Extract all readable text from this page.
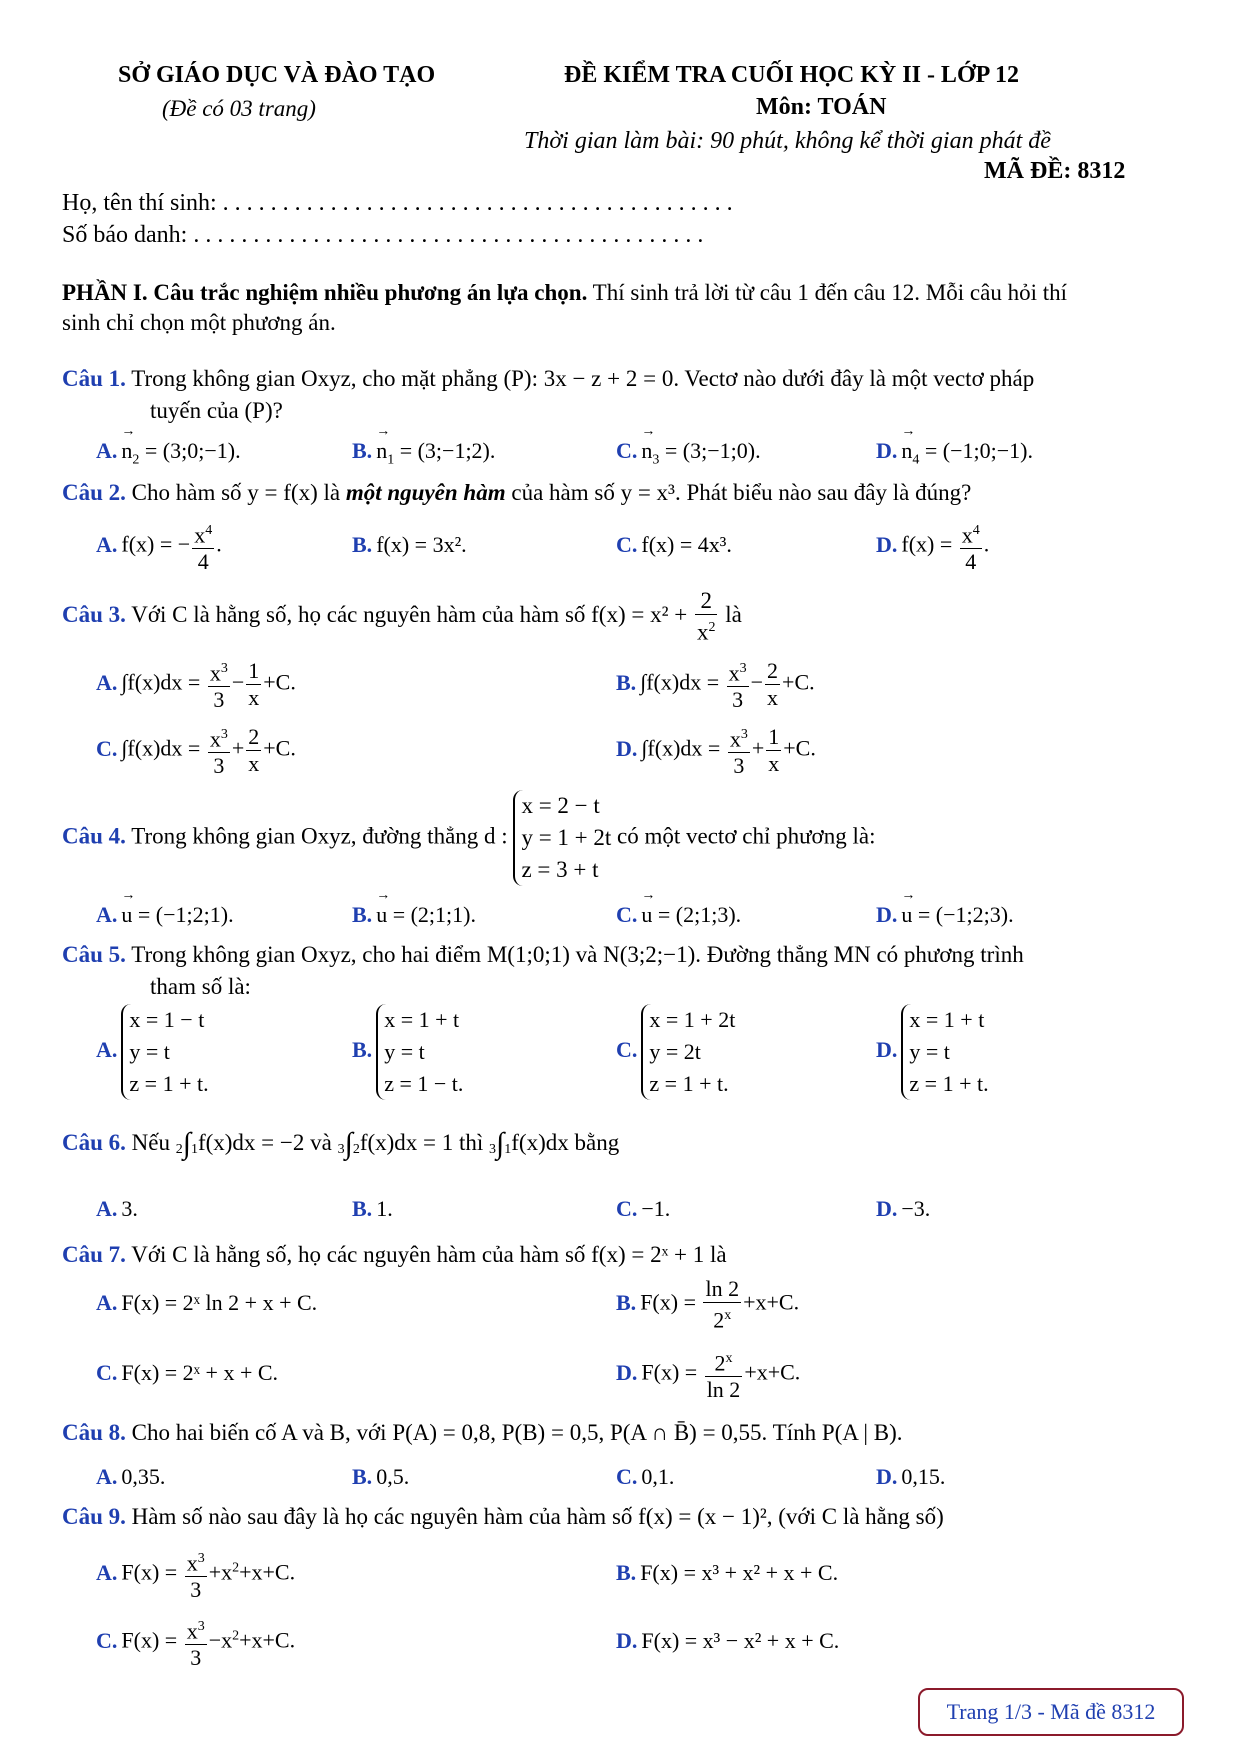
SỞ GIÁO DỤC VÀ ĐÀO TẠO
(Đề có 03 trang)
ĐỀ KIỂM TRA CUỐI HỌC KỲ II - LỚP 12
Môn: TOÁN
Thời gian làm bài: 90 phút, không kể thời gian phát đề
MÃ ĐỀ: 8312
Họ, tên thí sinh: . . . . . . . . . . . . . . . . . . . . . . . . . . . . . . . . . . . . . . . . . . .
Số báo danh: . . . . . . . . . . . . . . . . . . . . . . . . . . . . . . . . . . . . . . . . . . .
PHẦN I. Câu trắc nghiệm nhiều phương án lựa chọn. Thí sinh trả lời từ câu 1 đến câu 12. Mỗi câu hỏi thí
sinh chỉ chọn một phương án.
Câu 1. Trong không gian Oxyz, cho mặt phẳng (P): 3x − z + 2 = 0. Vectơ nào dưới đây là một vectơ pháp
tuyến của (P)?
$A.\to n_2$ = (3;0;−1).	$B.\to n_1$ = (3;−1;2).	$C.\to n_3$ = (3;−1;0).	$D.\to n_4$ = (−1;0;−1).
Câu 2. Cho hàm số y = f(x) là một nguyên hàm của hàm số y = x³. Phát biểu nào sau đây là đúng?
A. f(x) = − $\frac{x^4}{4}$ .	B. f(x) = 3x².	C. f(x) = 4x³.	D. $f(x) = \frac{x^4}{4}$ .
Câu 3. Với C là hằng số, họ các nguyên hàm của hàm số $f(x) = x^2 + \frac{2}{x^2}$ là
A. $\int f(x)dx = \frac{x^3}{3} - \frac{1}{x} +C$.	B. $\int f(x)dx = \frac{x^3}{3} - \frac{2}{x} +C$.
C. $\int f(x)dx = \frac{x^3}{3} + \frac{2}{x} +C$.	D. $\int f(x)dx = \frac{x^3}{3} + \frac{1}{x} +C$.
Câu 4. Trong không gian Oxyz, đường thẳng d :
x = 2 − t
y = 1 + 2t
z = 3 + t
có một vectơ chỉ phương là:
A.→ u = (−1;2;1).	B.→ u = (2;1;1).	C.→ u = (2;1;3).	D.→ u = (−1;2;3).
Câu 5. Trong không gian Oxyz, cho hai điểm M(1;0;1) và N(3;2;−1). Đường thẳng MN có phương trình
tham số là:
A.
x = 1 − t
y = t
z = 1 + t.
B.
x = 1 + t
y = t
z = 1 − t.
C.
x = 1 + 2t
y = 2t
z = 1 + t.
D.
x = 1 + t
y = t
z = 1 + t.
Câu 6. Nếu 2∫1f(x)dx = −2 và 3∫2f(x)dx = 1 thì 3∫1f(x)dx bằng
A. 3.	B. 1.	C. −1.	D. −3.
Câu 7. Với C là hằng số, họ các nguyên hàm của hàm số f(x) = 2ˣ + 1 là
A. F(x) = 2ˣ ln 2 + x + C.	B. $F(x) = \frac{\ln 2}{2^x} +x+C$.
C. F(x) = 2ˣ + x + C.	D. $F(x) = \frac{2^x}{\ln 2} +x+C$.
Câu 8. Cho hai biến cố A và B, với P(A) = 0,8, P(B) = 0,5, P(A ∩ B̄) = 0,55. Tính P(A | B).
A. 0,35.	B. 0,5.	C. 0,1.	D. 0,15.
Câu 9. Hàm số nào sau đây là họ các nguyên hàm của hàm số f(x) = (x − 1)², (với C là hằng số)
A. $F(x) = \frac{x^3}{3} +x^2+x+C$.	B. F(x) = x³ + x² + x + C.
C. $F(x) = \frac{x^3}{3} -x^2+x+C$.	D. F(x) = x³ − x² + x + C.
Trang 1/3 - Mã đề 8312
